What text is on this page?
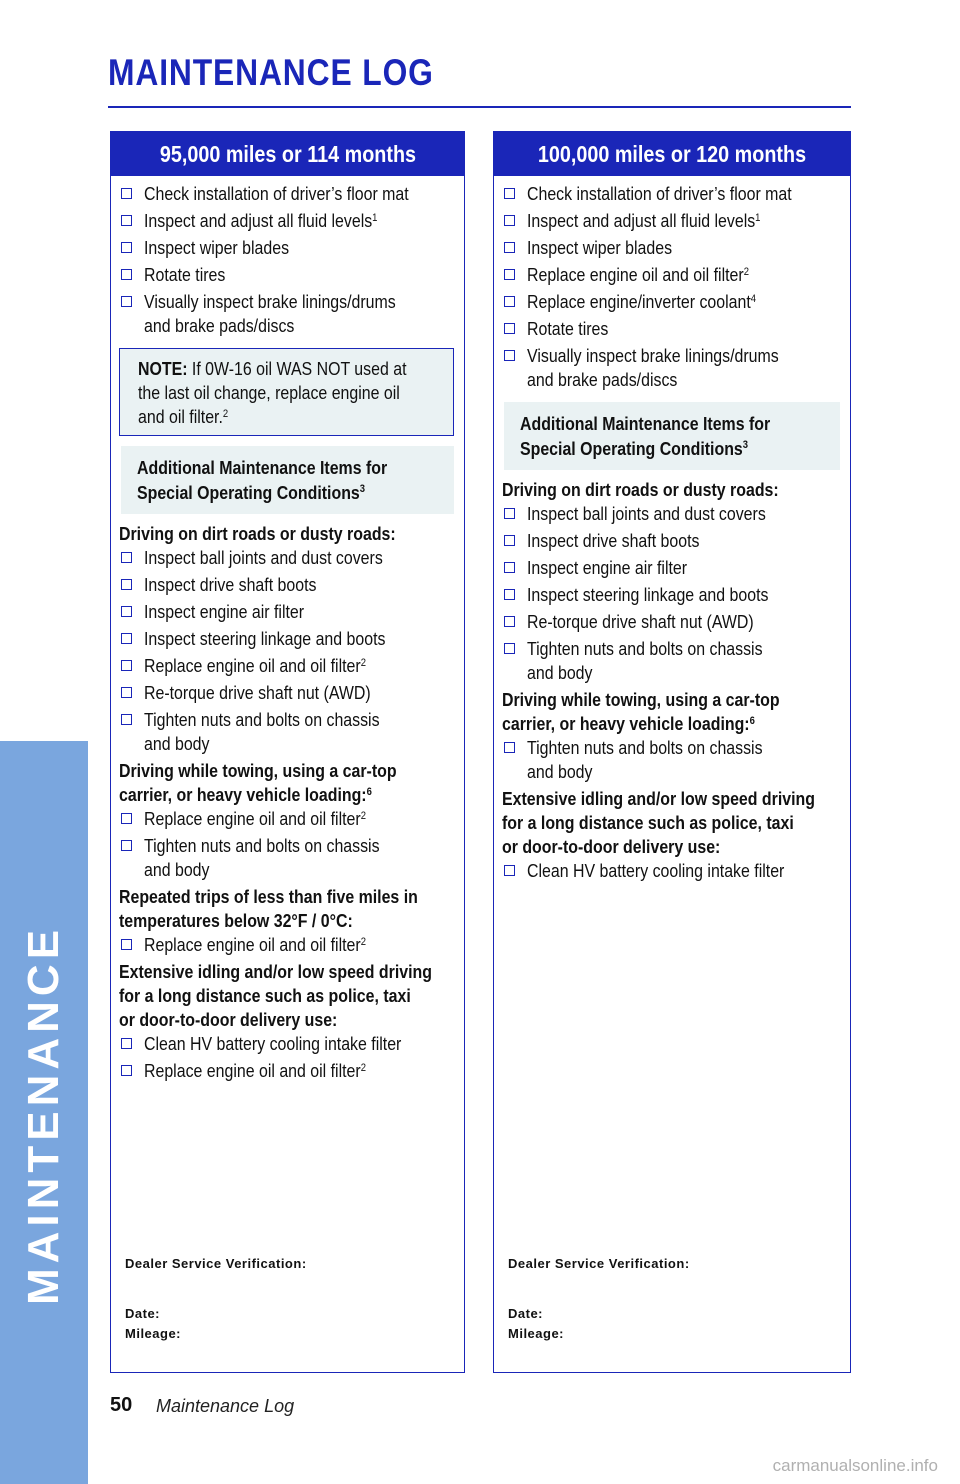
MAINTENANCE
MAINTENANCE LOG
95,000 miles or 114 months
Check installation of driver’s floor mat
Inspect and adjust all fluid levels$^1$
Inspect wiper blades
Rotate tires
Visually inspect brake linings/drums
and brake pads/discs
NOTE: If 0W-16 oil WAS NOT used at the last oil change, replace engine oil and oil filter.$^2$
Additional Maintenance Items for
Special Operating Conditions$^3$
Driving on dirt roads or dusty roads:
Inspect ball joints and dust covers
Inspect drive shaft boots
Inspect engine air filter
Inspect steering linkage and boots
Replace engine oil and oil filter$^2$
Re-torque drive shaft nut (AWD)
Tighten nuts and bolts on chassis
and body
Driving while towing, using a car-top
carrier, or heavy vehicle loading:$^6$
Replace engine oil and oil filter$^2$
Tighten nuts and bolts on chassis
and body
Repeated trips of less than five miles in
temperatures below 32°F / 0°C:
Replace engine oil and oil filter$^2$
Extensive idling and/or low speed driving
for a long distance such as police, taxi
or door-to-door delivery use:
Clean HV battery cooling intake filter
Replace engine oil and oil filter$^2$
Dealer Service Verification:
Date:
Mileage:
100,000 miles or 120 months
Check installation of driver’s floor mat
Inspect and adjust all fluid levels$^1$
Inspect wiper blades
Replace engine oil and oil filter$^2$
Replace engine/inverter coolant$^4$
Rotate tires
Visually inspect brake linings/drums
and brake pads/discs
Additional Maintenance Items for
Special Operating Conditions$^3$
Driving on dirt roads or dusty roads:
Inspect ball joints and dust covers
Inspect drive shaft boots
Inspect engine air filter
Inspect steering linkage and boots
Re-torque drive shaft nut (AWD)
Tighten nuts and bolts on chassis
and body
Driving while towing, using a car-top
carrier, or heavy vehicle loading:$^6$
Tighten nuts and bolts on chassis
and body
Extensive idling and/or low speed driving
for a long distance such as police, taxi
or door-to-door delivery use:
Clean HV battery cooling intake filter
Dealer Service Verification:
Date:
Mileage:
50 Maintenance Log
carmanualsonline.info
